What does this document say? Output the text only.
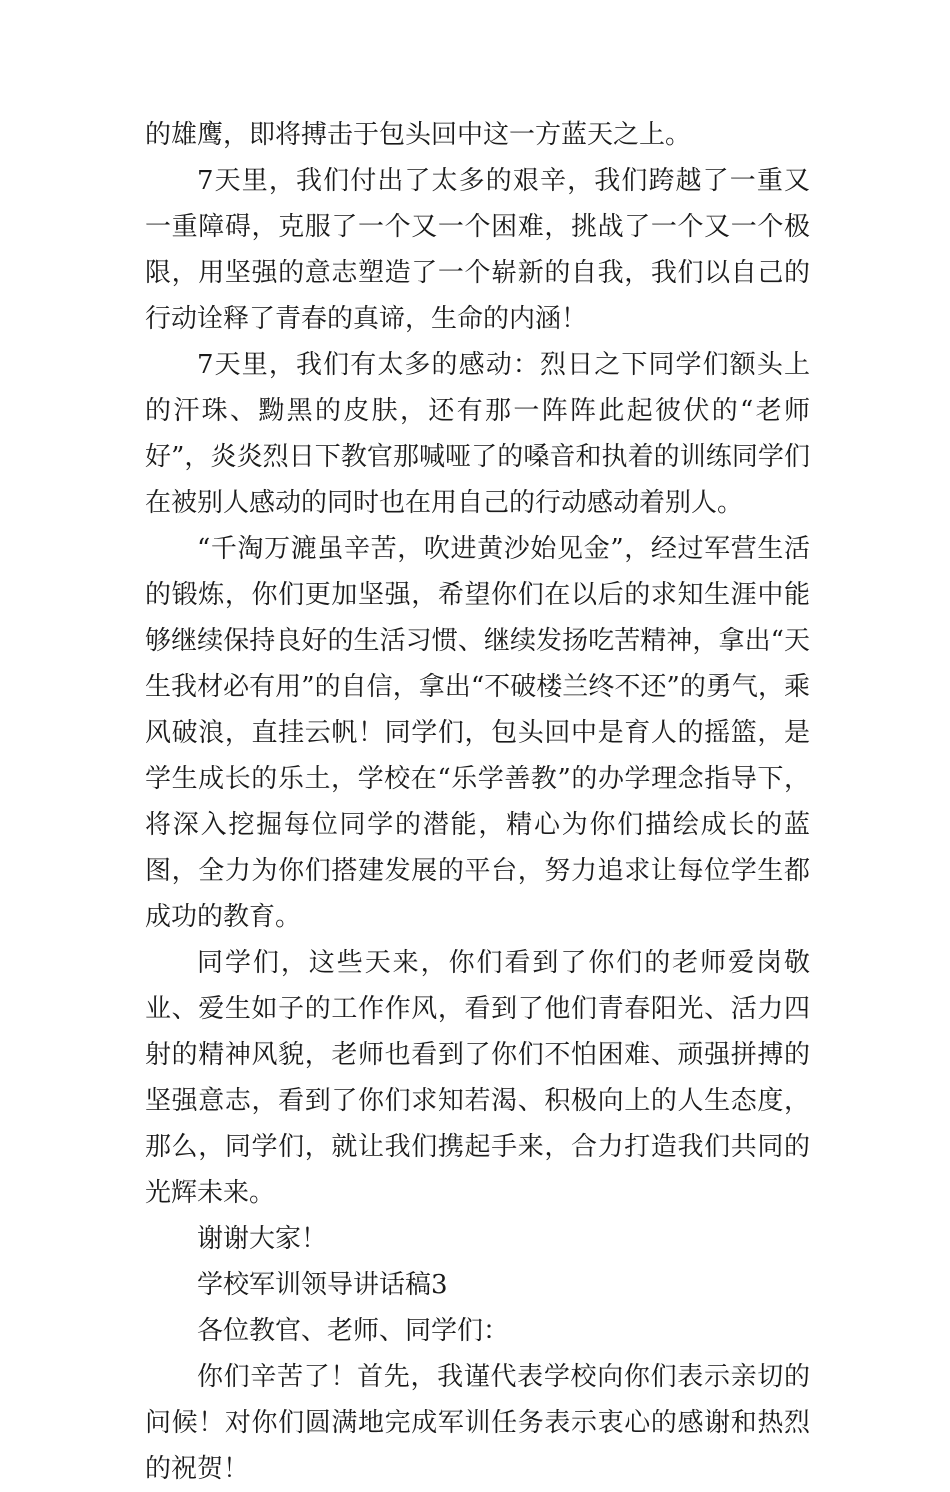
的雄鹰，即将搏击于包头回中这一方蓝天之上。

7天里，我们付出了太多的艰辛，我们跨越了一重又一重障碍，克服了一个又一个困难，挑战了一个又一个极限，用坚强的意志塑造了一个崭新的自我，我们以自己的行动诠释了青春的真谛，生命的内涵！

7天里，我们有太多的感动：烈日之下同学们额头上的汗珠、黝黑的皮肤，还有那一阵阵此起彼伏的“老师好”，炎炎烈日下教官那喊哑了的嗓音和执着的训练同学们在被别人感动的同时也在用自己的行动感动着别人。

“千淘万漉虽辛苦，吹进黄沙始见金”，经过军营生活的锻炼，你们更加坚强，希望你们在以后的求知生涯中能够继续保持良好的生活习惯、继续发扬吃苦精神，拿出“天生我材必有用”的自信，拿出“不破楼兰终不还”的勇气，乘风破浪，直挂云帆！同学们，包头回中是育人的摇篮，是学生成长的乐土，学校在“乐学善教”的办学理念指导下，将深入挖掘每位同学的潜能，精心为你们描绘成长的蓝图，全力为你们搭建发展的平台，努力追求让每位学生都成功的教育。

同学们，这些天来，你们看到了你们的老师爱岗敬业、爱生如子的工作作风，看到了他们青春阳光、活力四射的精神风貌，老师也看到了你们不怕困难、顽强拼搏的坚强意志，看到了你们求知若渴、积极向上的人生态度，那么，同学们，就让我们携起手来，合力打造我们共同的光辉未来。

谢谢大家！

学校军训领导讲话稿3

各位教官、老师、同学们：

你们辛苦了！首先，我谨代表学校向你们表示亲切的问候！对你们圆满地完成军训任务表示衷心的感谢和热烈的祝贺！
